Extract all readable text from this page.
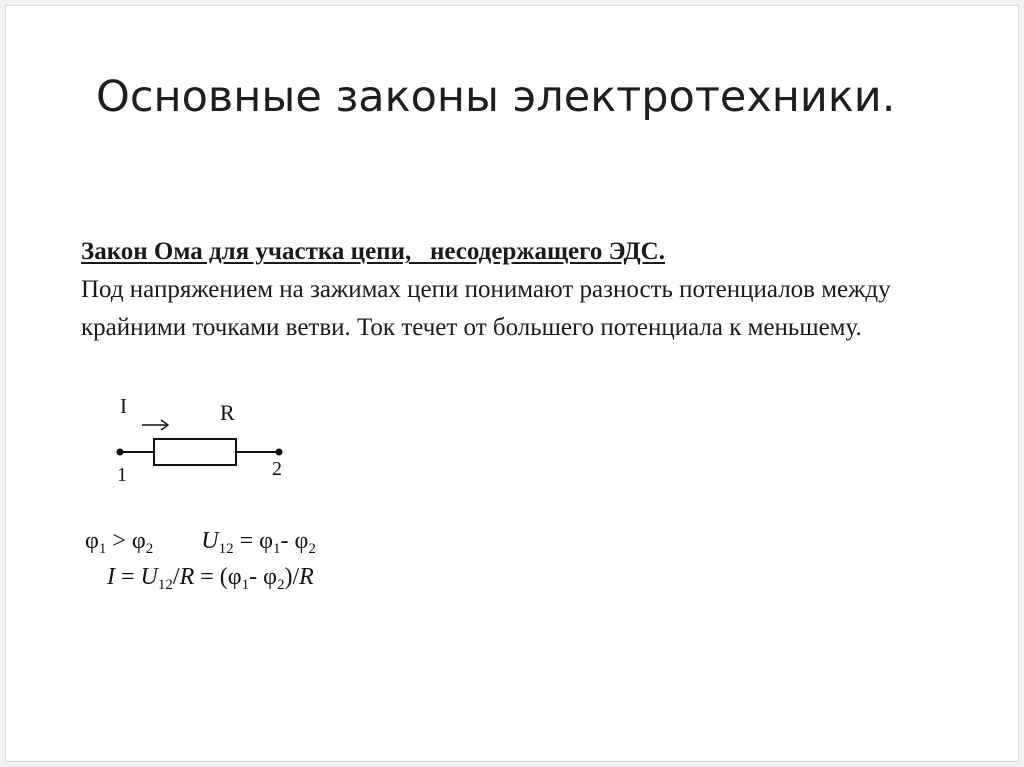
Основные законы электротехники.
Закон Ома для участка цепи,   несодержащего ЭДС.
Под напряжением на зажимах цепи понимают разность потенциалов между крайними точками ветви. Ток течет от большего потенциала к меньшему.
I	R
1	2
$\varphi_1 > \varphi_2$ $U_{12} = \varphi_1-$ $\varphi_2$
$I = U_{12}/R = (\varphi_1-$ $\varphi_2)/R$
